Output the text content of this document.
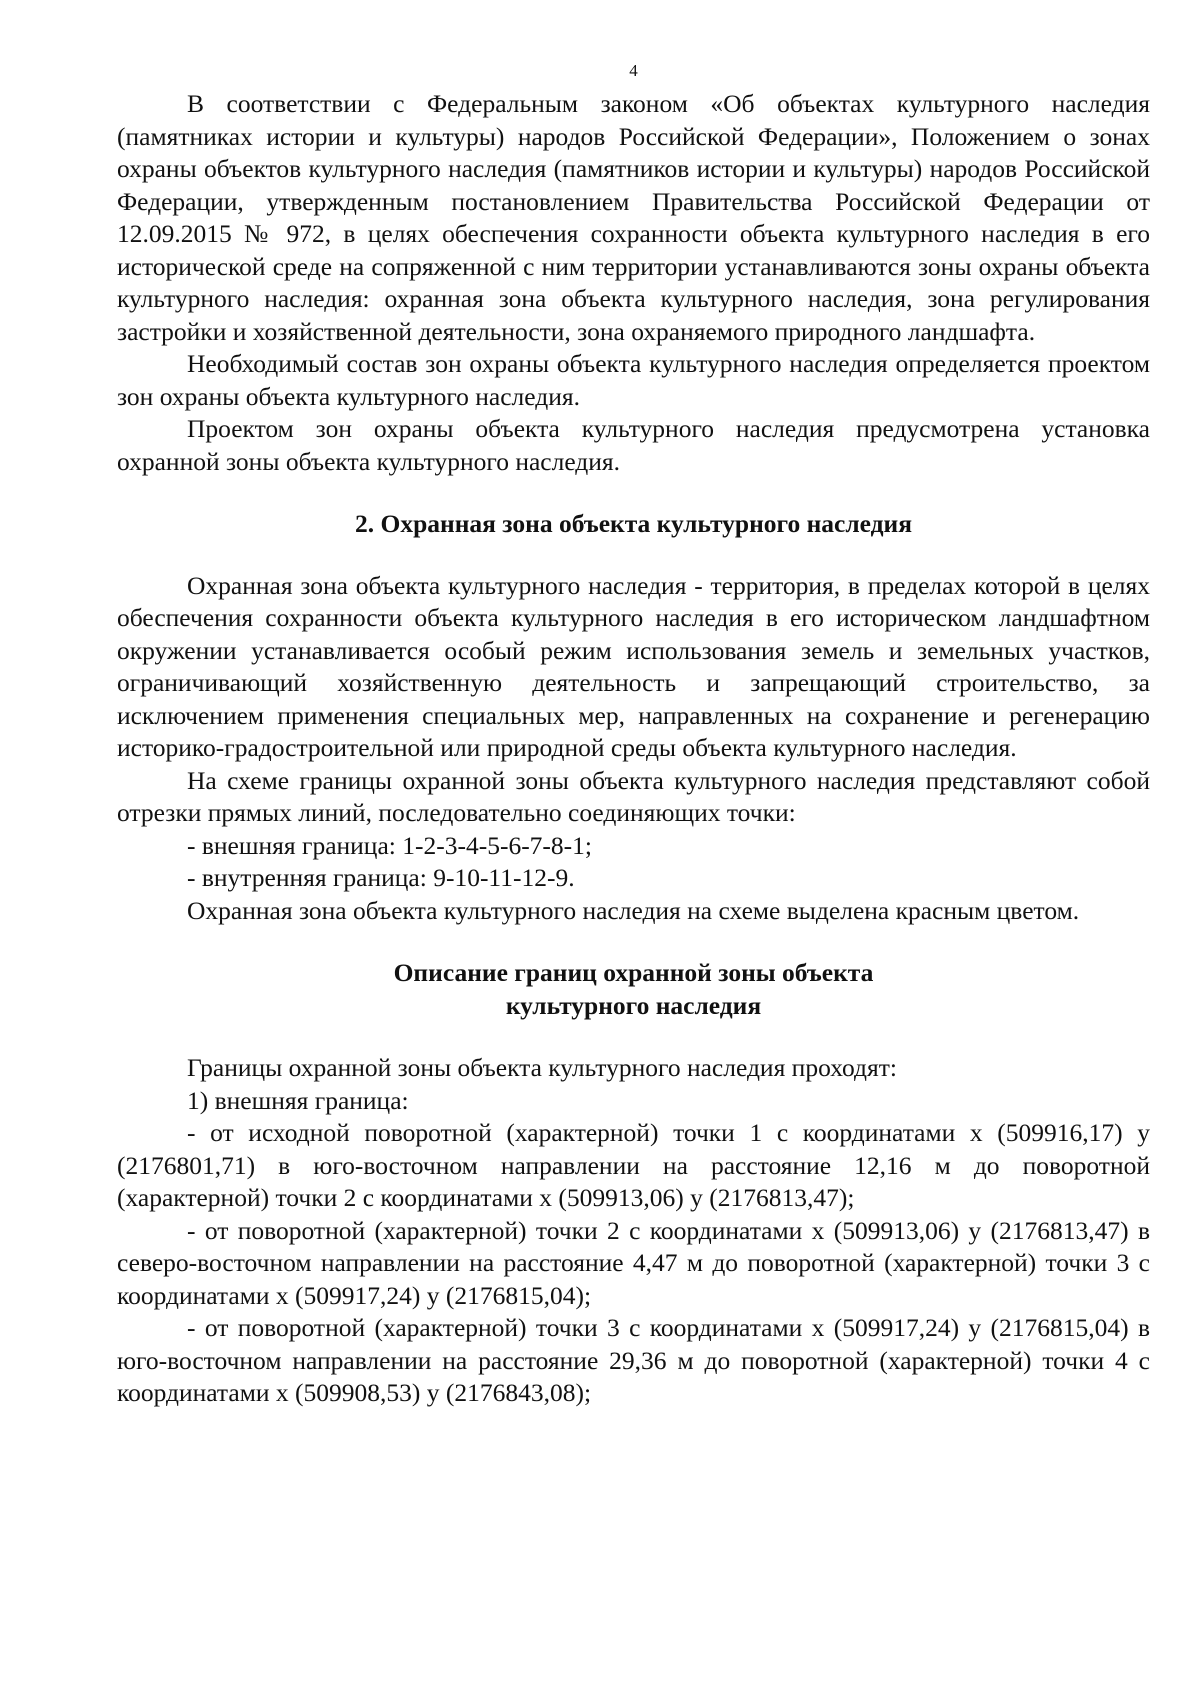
4

В соответствии с Федеральным законом «Об объектах культурного наследия (памятниках истории и культуры) народов Российской Федерации», Положением о зонах охраны объектов культурного наследия (памятников истории и культуры) народов Российской Федерации, утвержденным постановлением Правительства Российской Федерации от 12.09.2015 № 972, в целях обеспечения сохранности объекта культурного наследия в его исторической среде на сопряженной с ним территории устанавливаются зоны охраны объекта культурного наследия: охранная зона объекта культурного наследия, зона регулирования застройки и хозяйственной деятельности, зона охраняемого природного ландшафта.

Необходимый состав зон охраны объекта культурного наследия определяется проектом зон охраны объекта культурного наследия.

Проектом зон охраны объекта культурного наследия предусмотрена установка охранной зоны объекта культурного наследия.

2. Охранная зона объекта культурного наследия

Охранная зона объекта культурного наследия - территория, в пределах которой в целях обеспечения сохранности объекта культурного наследия в его историческом ландшафтном окружении устанавливается особый режим использования земель и земельных участков, ограничивающий хозяйственную деятельность и запрещающий строительство, за исключением применения специальных мер, направленных на сохранение и регенерацию историко-градостроительной или природной среды объекта культурного наследия.

На схеме границы охранной зоны объекта культурного наследия представляют собой отрезки прямых линий, последовательно соединяющих точки:

- внешняя граница: 1-2-3-4-5-6-7-8-1;

- внутренняя граница: 9-10-11-12-9.

Охранная зона объекта культурного наследия на схеме выделена красным цветом.

Описание границ охранной зоны объекта
культурного наследия

Границы охранной зоны объекта культурного наследия проходят:

1) внешняя граница:

- от исходной поворотной (характерной) точки 1 с координатами х (509916,17) у (2176801,71) в юго-восточном направлении на расстояние 12,16 м до поворотной (характерной) точки 2 с координатами х (509913,06) у (2176813,47);

- от поворотной (характерной) точки 2 с координатами х (509913,06) у (2176813,47) в северо-восточном направлении на расстояние 4,47 м до поворотной (характерной) точки 3 с координатами х (509917,24) у (2176815,04);

- от поворотной (характерной) точки 3 с координатами х (509917,24) у (2176815,04) в юго-восточном направлении на расстояние 29,36 м до поворотной (характерной) точки 4 с координатами х (509908,53) у (2176843,08);
